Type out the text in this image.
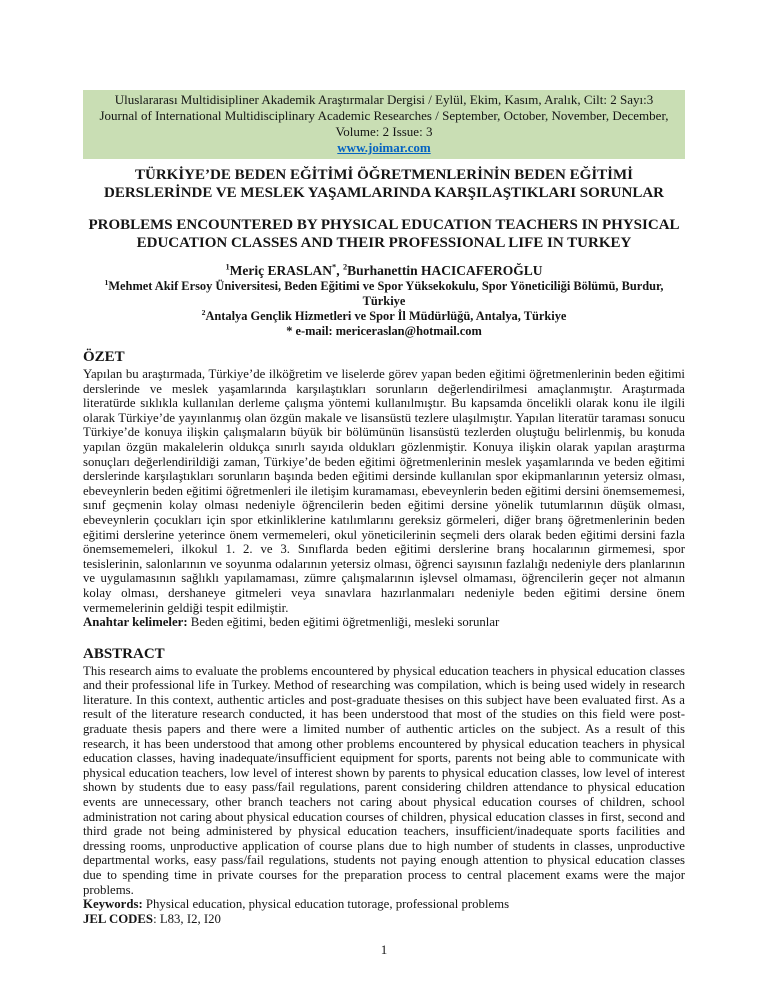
Uluslararası Multidisipliner Akademik Araştırmalar Dergisi / Eylül, Ekim, Kasım, Aralık, Cilt: 2 Sayı:3
Journal of International Multidisciplinary Academic Researches / September, October, November, December,
Volume: 2 Issue: 3
www.joimar.com
TÜRKİYE’DE BEDEN EĞİTİMİ ÖĞRETMENLERİNİN BEDEN EĞİTİMİ DERSLERİNDE VE MESLEK YAŞAMLARINDA KARŞILAŞTIKLARI SORUNLAR
PROBLEMS ENCOUNTERED BY PHYSICAL EDUCATION TEACHERS IN PHYSICAL EDUCATION CLASSES AND THEIR PROFESSIONAL LIFE IN TURKEY
$^1$Meriç ERASLAN*, $^2$Burhanettin HACICAFEROĞLU
$^1$Mehmet Akif Ersoy Üniversitesi, Beden Eğitimi ve Spor Yüksekokulu, Spor Yöneticiliği Bölümü, Burdur, Türkiye
$^2$Antalya Gençlik Hizmetleri ve Spor İl Müdürlüğü, Antalya, Türkiye
* e-mail: mericeraslan@hotmail.com
ÖZET

Yapılan bu araştırmada, Türkiye’de ilköğretim ve liselerde görev yapan beden eğitimi öğretmenlerinin beden eğitimi derslerinde ve meslek yaşamlarında karşılaştıkları sorunların değerlendirilmesi amaçlanmıştır. Araştırmada literatürde sıklıkla kullanılan derleme çalışma yöntemi kullanılmıştır. Bu kapsamda öncelikli olarak konu ile ilgili olarak Türkiye’de yayınlanmış olan özgün makale ve lisansüstü tezlere ulaşılmıştır. Yapılan literatür taraması sonucu Türkiye’de konuya ilişkin çalışmaların büyük bir bölümünün lisansüstü tezlerden oluştuğu belirlenmiş, bu konuda yapılan özgün makalelerin oldukça sınırlı sayıda oldukları gözlenmiştir. Konuya ilişkin olarak yapılan araştırma sonuçları değerlendirildiği zaman, Türkiye’de beden eğitimi öğretmenlerinin meslek yaşamlarında ve beden eğitimi derslerinde karşılaştıkları sorunların başında beden eğitimi dersinde kullanılan spor ekipmanlarının yetersiz olması, ebeveynlerin beden eğitimi öğretmenleri ile iletişim kuramaması, ebeveynlerin beden eğitimi dersini önemsememesi, sınıf geçmenin kolay olması nedeniyle öğrencilerin beden eğitimi dersine yönelik tutumlarının düşük olması, ebeveynlerin çocukları için spor etkinliklerine katılımlarını gereksiz görmeleri, diğer branş öğretmenlerinin beden eğitimi derslerine yeterince önem vermemeleri, okul yöneticilerinin seçmeli ders olarak beden eğitimi dersini fazla önemsememeleri, ilkokul 1. 2. ve 3. Sınıflarda beden eğitimi derslerine branş hocalarının girmemesi, spor tesislerinin, salonlarının ve soyunma odalarının yetersiz olması, öğrenci sayısının fazlalığı nedeniyle ders planlarının ve uygulamasının sağlıklı yapılamaması, zümre çalışmalarının işlevsel olmaması, öğrencilerin geçer not almanın kolay olması, dershaneye gitmeleri veya sınavlara hazırlanmaları nedeniyle beden eğitimi dersine önem vermemelerinin geldiği tespit edilmiştir.

Anahtar kelimeler: Beden eğitimi, beden eğitimi öğretmenliği, mesleki sorunlar

ABSTRACT

This research aims to evaluate the problems encountered by physical education teachers in physical education classes and their professional life in Turkey. Method of researching was compilation, which is being used widely in research literature. In this context, authentic articles and post-graduate thesises on this subject have been evaluated first. As a result of the literature research conducted, it has been understood that most of the studies on this field were post-graduate thesis papers and there were a limited number of authentic articles on the subject. As a result of this research, it has been understood that among other problems encountered by physical education teachers in physical education classes, having inadequate/insufficient equipment for sports, parents not being able to communicate with physical education teachers, low level of interest shown by parents to physical education classes, low level of interest shown by students due to easy pass/fail regulations, parent considering children attendance to physical education events are unnecessary, other branch teachers not caring about physical education courses of children, school administration not caring about physical education courses of children, physical education classes in first, second and third grade not being administered by physical education teachers, insufficient/inadequate sports facilities and dressing rooms, unproductive application of course plans due to high number of students in classes, unproductive departmental works, easy pass/fail regulations, students not paying enough attention to physical education classes due to spending time in private courses for the preparation process to central placement exams were the major problems.

Keywords: Physical education, physical education tutorage, professional problems

JEL CODES: L83, I2, I20

1
